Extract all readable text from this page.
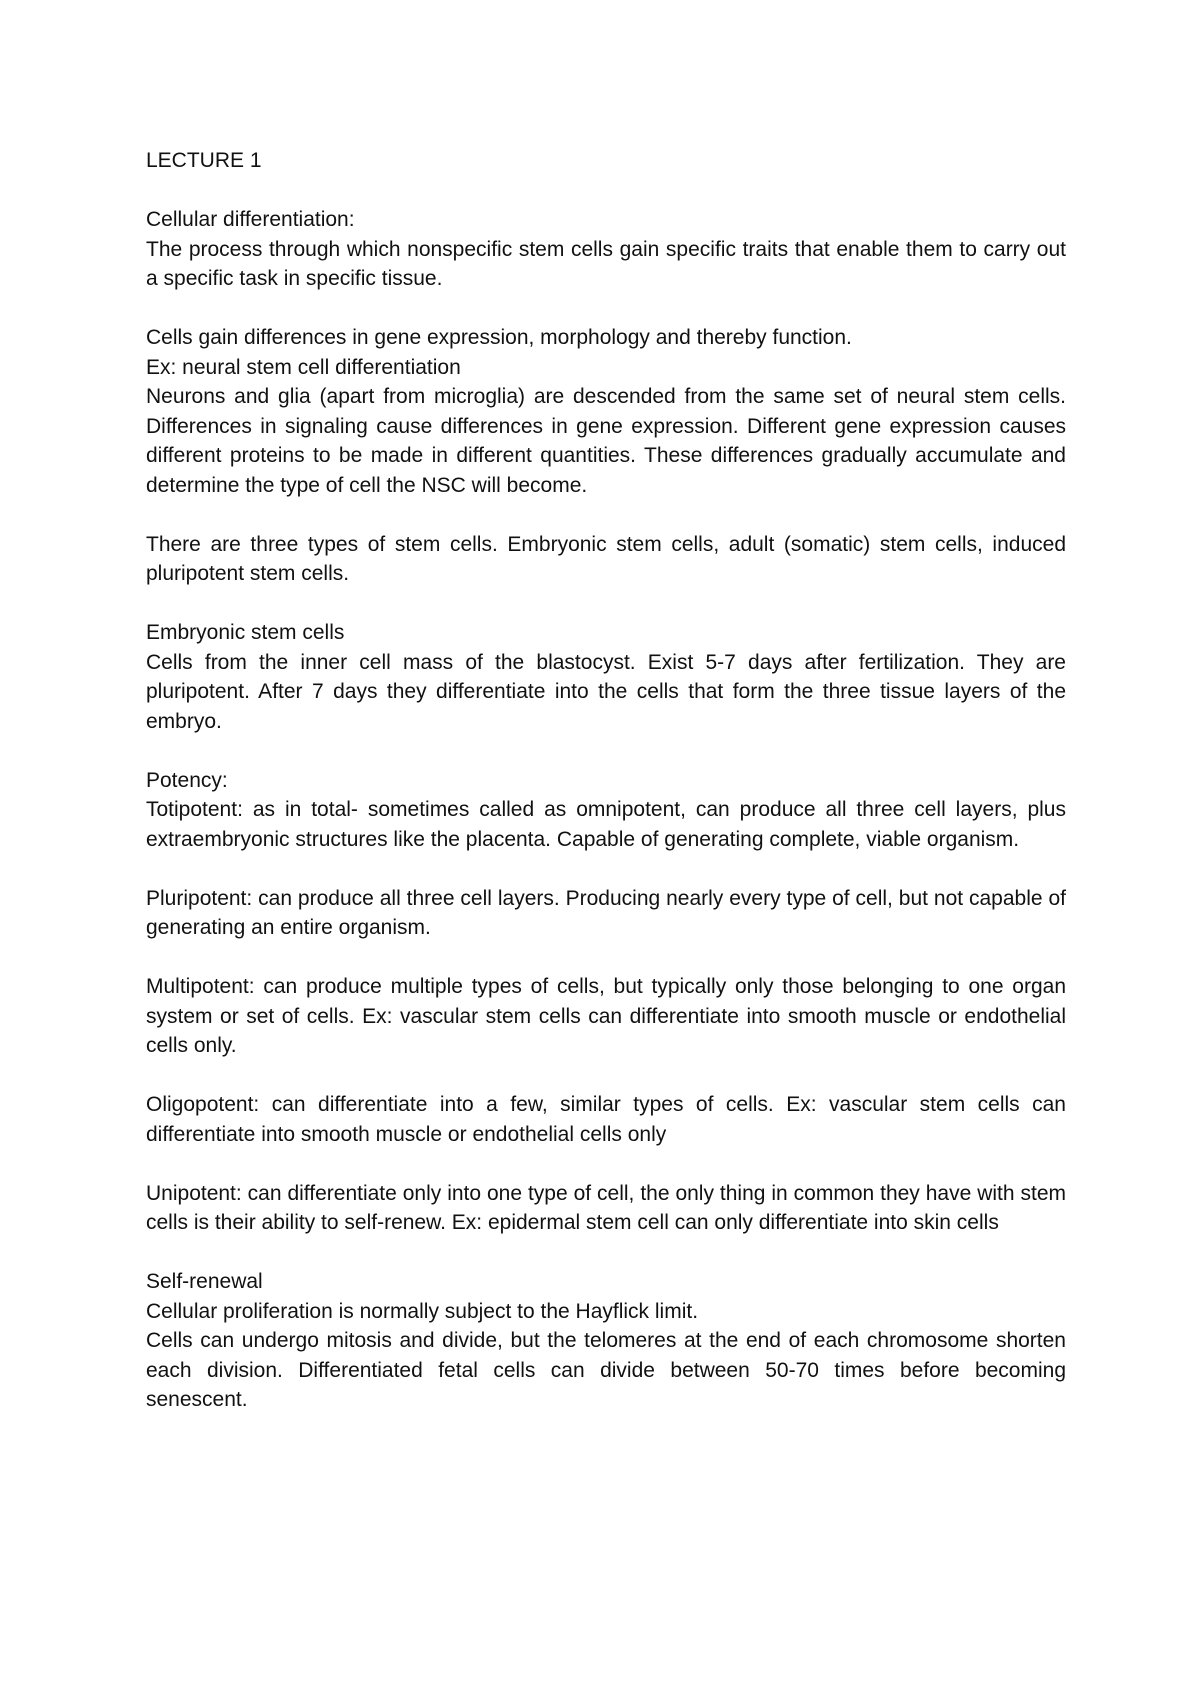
LECTURE 1

Cellular differentiation:

The process through which nonspecific stem cells gain specific traits that enable them to carry out a specific task in specific tissue.

Cells gain differences in gene expression, morphology and thereby function.

Ex: neural stem cell differentiation

Neurons and glia (apart from microglia) are descended from the same set of neural stem cells. Differences in signaling cause differences in gene expression. Different gene expression causes different proteins to be made in different quantities. These differences gradually accumulate and determine the type of cell the NSC will become.

There are three types of stem cells. Embryonic stem cells, adult (somatic) stem cells, induced pluripotent stem cells.

Embryonic stem cells

Cells from the inner cell mass of the blastocyst. Exist 5-7 days after fertilization. They are pluripotent. After 7 days they differentiate into the cells that form the three tissue layers of the embryo.

Potency:

Totipotent: as in total- sometimes called as omnipotent, can produce all three cell layers, plus extraembryonic structures like the placenta. Capable of generating complete, viable organism.

Pluripotent: can produce all three cell layers. Producing nearly every type of cell, but not capable of generating an entire organism.

Multipotent: can produce multiple types of cells, but typically only those belonging to one organ system or set of cells. Ex: vascular stem cells can differentiate into smooth muscle or endothelial cells only.

Oligopotent: can differentiate into a few, similar types of cells. Ex: vascular stem cells can differentiate into smooth muscle or endothelial cells only

Unipotent: can differentiate only into one type of cell, the only thing in common they have with stem cells is their ability to self-renew. Ex: epidermal stem cell can only differentiate into skin cells

Self-renewal

Cellular proliferation is normally subject to the Hayflick limit.

Cells can undergo mitosis and divide, but the telomeres at the end of each chromosome shorten each division. Differentiated fetal cells can divide between 50-70 times before becoming senescent.
